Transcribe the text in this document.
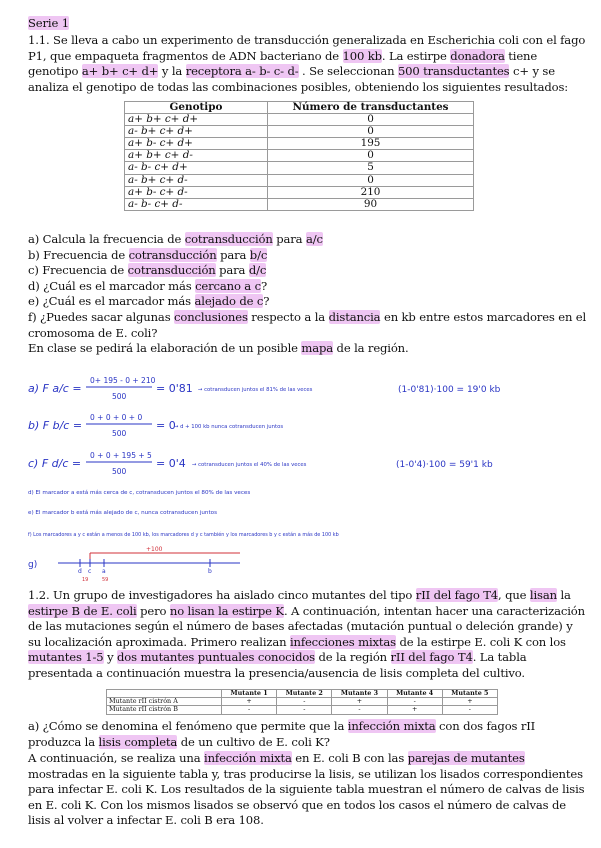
Serie 1
1.1. Se lleva a cabo un experimento de transducción generalizada en Escherichia coli con el fago P1, que empaqueta fragmentos de ADN bacteriano de 100 kb. La estirpe donadora tiene genotipo a+ b+ c+ d+ y la receptora a- b- c- d- . Se seleccionan 500 transductantes c+ y se analiza el genotipo de todas las combinaciones posibles, obteniendo los siguientes resultados:
Genotipo	Número de transductantes
a+ b+ c+ d+	0
a- b+ c+ d+	0
a+ b- c+ d+	195
a+ b+ c+ d-	0
a- b- c+ d+	5
a- b+ c+ d-	0
a+ b- c+ d-	210
a- b- c+ d-	90
a) Calcula la frecuencia de cotransducción para a/c
b) Frecuencia de cotransducción para b/c
c) Frecuencia de cotransducción para d/c
d) ¿Cuál es el marcador más cercano a c?
e) ¿Cuál es el marcador más alejado de c?
f) ¿Puedes sacar algunas conclusiones respecto a la distancia en kb entre estos marcadores en el cromosoma de E. coli?
En clase se pedirá la elaboración de un posible mapa de la región.
a) F a/c =
0+ 195 - 0 + 210
500
= 0'81 → cotransducen juntos el 81% de las veces	(1-0'81)·100 = 19'0 kb
b) F b/c =
0 + 0 + 0 + 0
500
= 0
→ d + 100 kb nunca cotransducen juntos
c) F d/c =
0 + 0 + 195 + 5
500
= 0'4 → cotransducen juntos el 40% de las veces	(1-0'4)·100 = 59'1 kb
d) El marcador a está más cerca de c, cotransducen juntos el 80% de las veces
e) El marcador b está más alejado de c, nunca cotransducen juntos
f) Los marcadores a y c están a menos de 100 kb, los marcadores d y c también y los marcadores b y c están a más de 100 kb
g)
+100
d c a	b
19	59
1.2. Un grupo de investigadores ha aislado cinco mutantes del tipo rII del fago T4, que lisan la estirpe B de E. coli pero no lisan la estirpe K. A continuación, intentan hacer una caracterización de las mutaciones según el número de bases afectadas (mutación puntual o deleción grande) y su localización aproximada. Primero realizan infecciones mixtas de la estirpe E. coli K con los mutantes 1-5 y dos mutantes puntuales conocidos de la región rII del fago T4. La tabla presentada a continuación muestra la presencia/ausencia de lisis completa del cultivo.
	Mutante 1	Mutante 2	Mutante 3	Mutante 4	Mutante 5
Mutante rII cistrón A	+	-	+	-	+
Mutante rII cistrón B	-	-	-	+	-
a) ¿Cómo se denomina el fenómeno que permite que la infección mixta con dos fagos rII produzca la lisis completa de un cultivo de E. coli K?
A continuación, se realiza una infección mixta en E. coli B con las parejas de mutantes mostradas en la siguiente tabla y, tras producirse la lisis, se utilizan los lisados correspondientes para infectar E. coli K. Los resultados de la siguiente tabla muestran el número de calvas de lisis en E. coli K. Con los mismos lisados se observó que en todos los casos el número de calvas de lisis al volver a infectar E. coli B era 108.
